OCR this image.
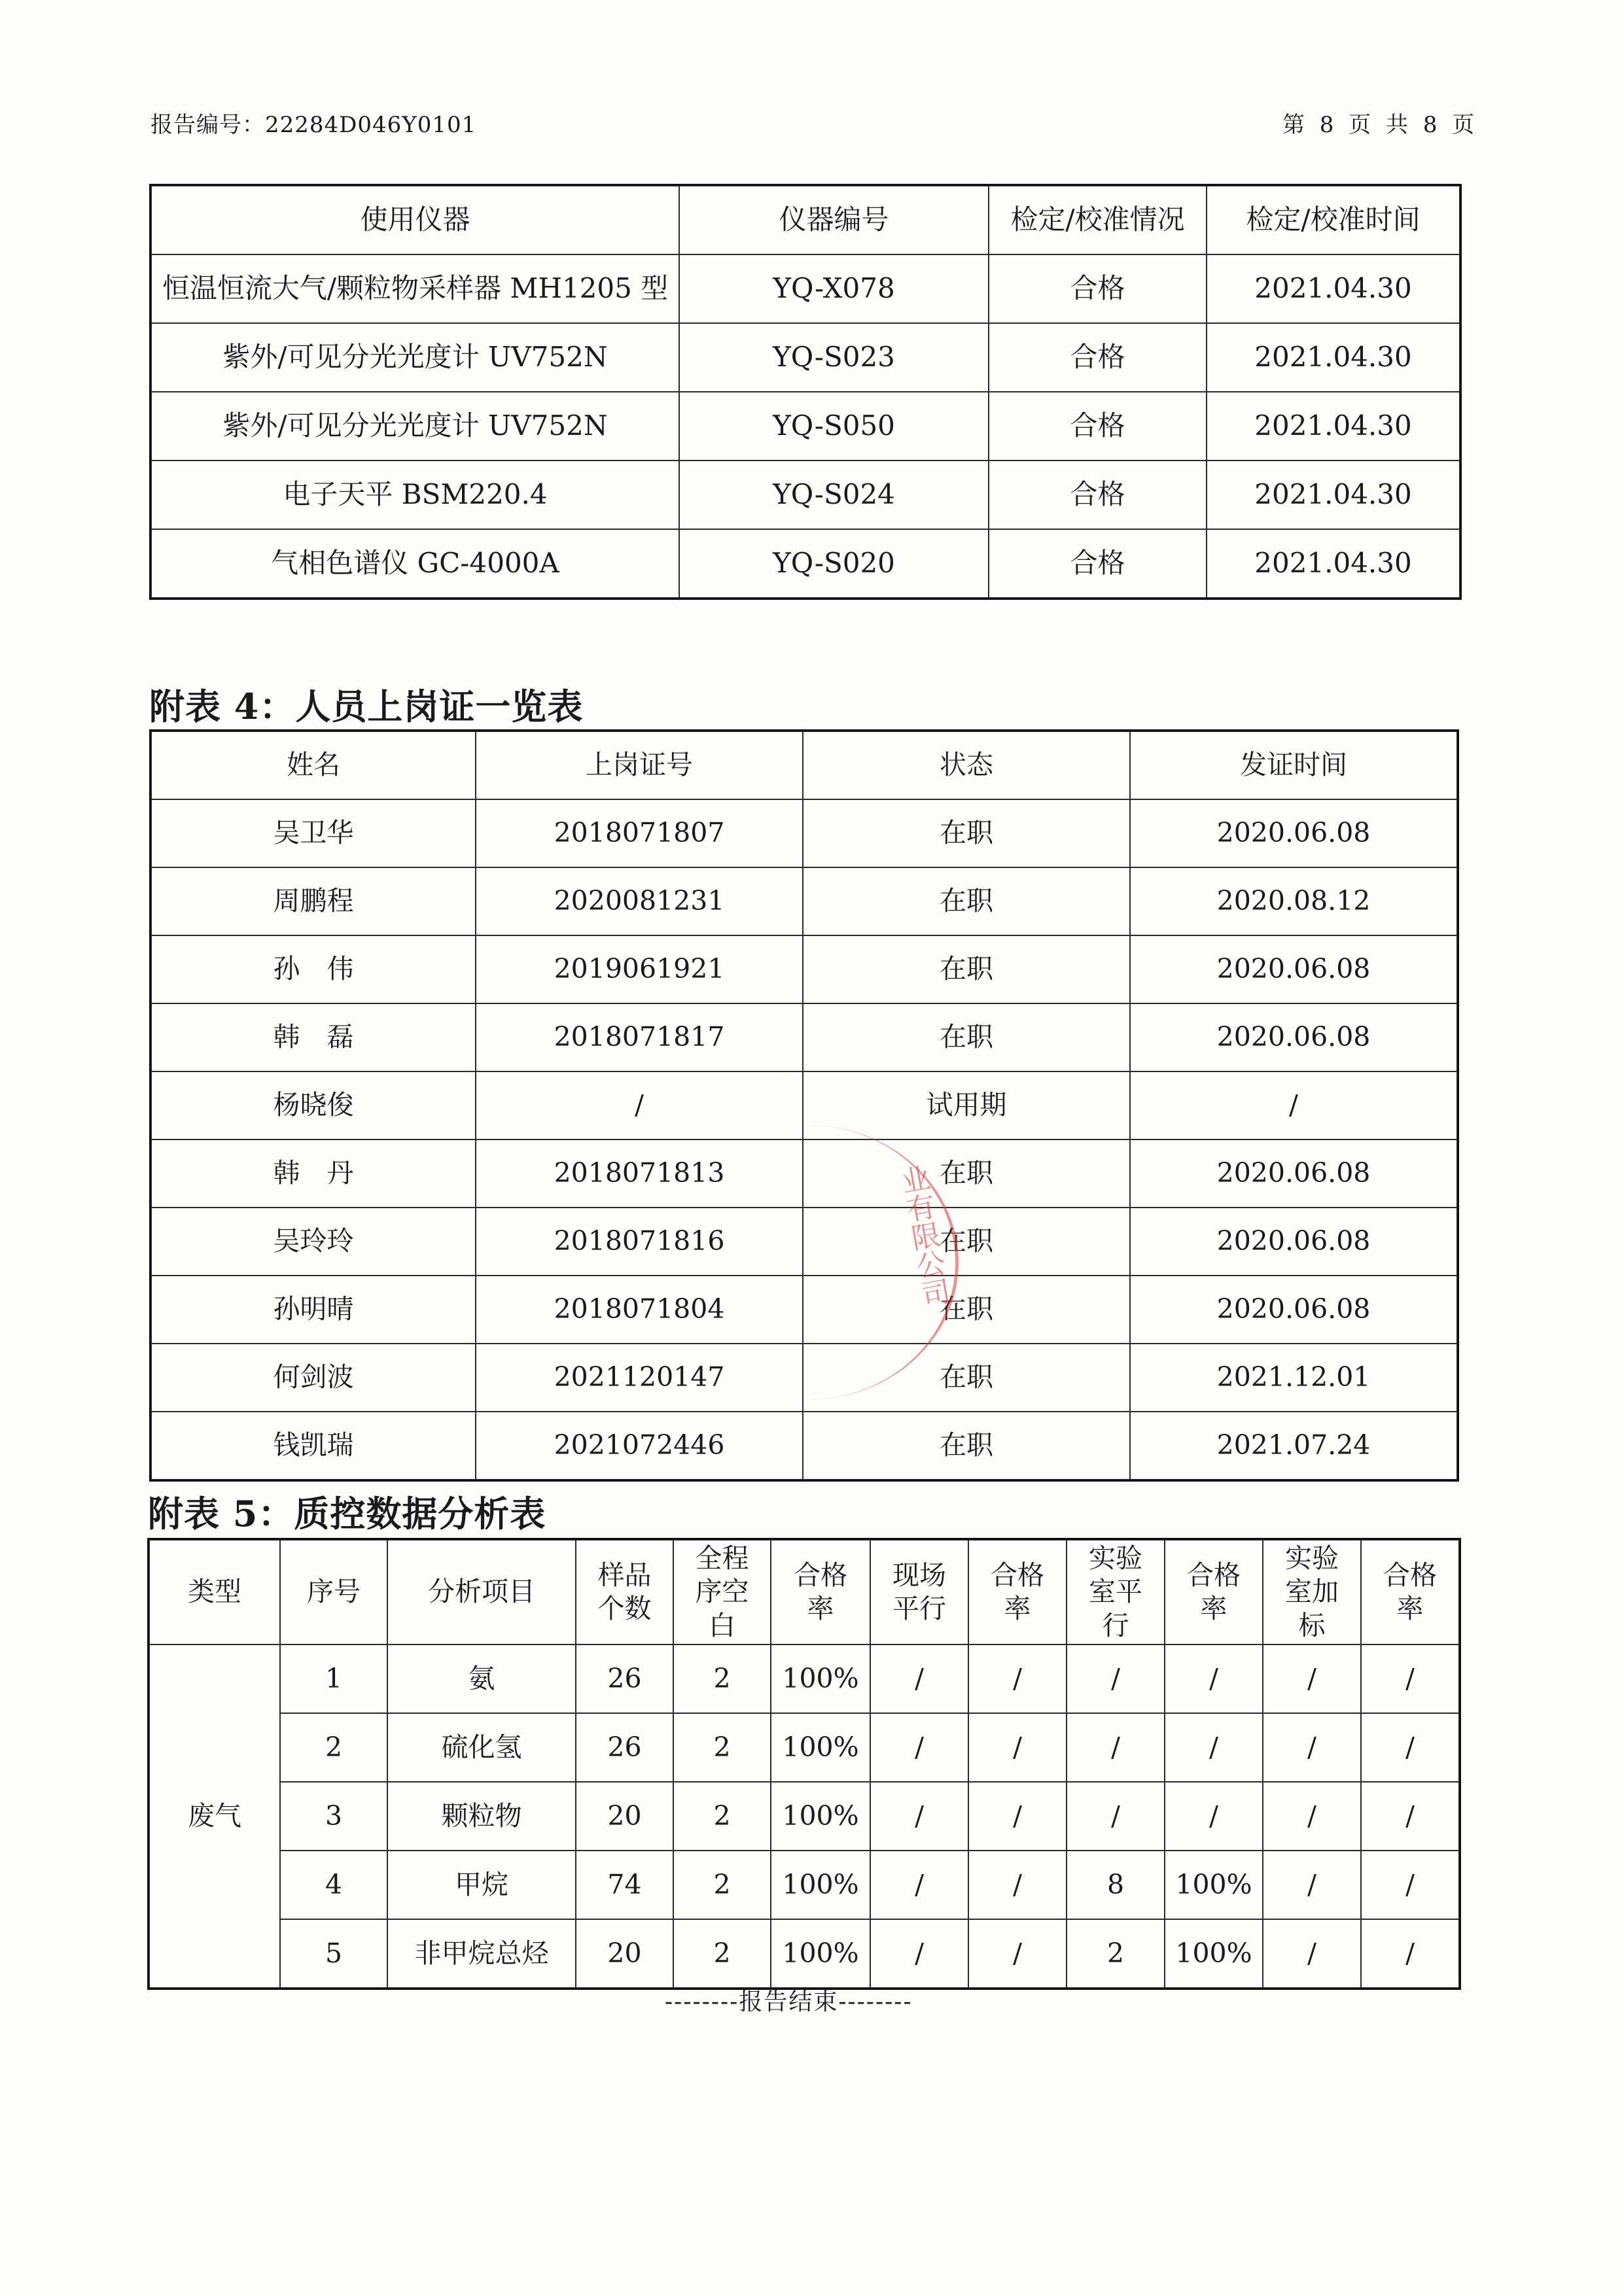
报告编号：22284D046Y0101	第 8 页 共 8 页
使用仪器	仪器编号	检定/校准情况	检定/校准时间
恒温恒流大气/颗粒物采样器 MH1205 型	YQ-X078	合格	2021.04.30
紫外/可见分光光度计 UV752N	YQ-S023	合格	2021.04.30
紫外/可见分光光度计 UV752N	YQ-S050	合格	2021.04.30
电子天平 BSM220.4	YQ-S024	合格	2021.04.30
气相色谱仪 GC-4000A	YQ-S020	合格	2021.04.30
附表 4：人员上岗证一览表
姓名	上岗证号	状态	发证时间
吴卫华	2018071807	在职	2020.06.08
周鹏程	2020081231	在职	2020.08.12
孙　伟	2019061921	在职	2020.06.08
韩　磊	2018071817	在职	2020.06.08
杨晓俊	/	试用期	/
韩　丹	2018071813	在职	2020.06.08
吴玲玲	2018071816	在职	2020.06.08
孙明晴	2018071804	在职	2020.06.08
何剑波	2021120147	在职	2021.12.01
钱凯瑞	2021072446	在职	2021.07.24
业有限公司
附表 5：质控数据分析表
类型	序号	分析项目	样品个数	全程序空白	合格率	现场平行	合格率	实验室平行	合格率	实验室加标	合格率
废气	1	氨	26	2	100%	/	/	/	/	/	/
	2	硫化氢	26	2	100%	/	/	/	/	/	/
	3	颗粒物	20	2	100%	/	/	/	/	/	/
	4	甲烷	74	2	100%	/	/	8	100%	/	/
	5	非甲烷总烃	20	2	100%	/	/	2	100%	/	/
--------报告结束--------
